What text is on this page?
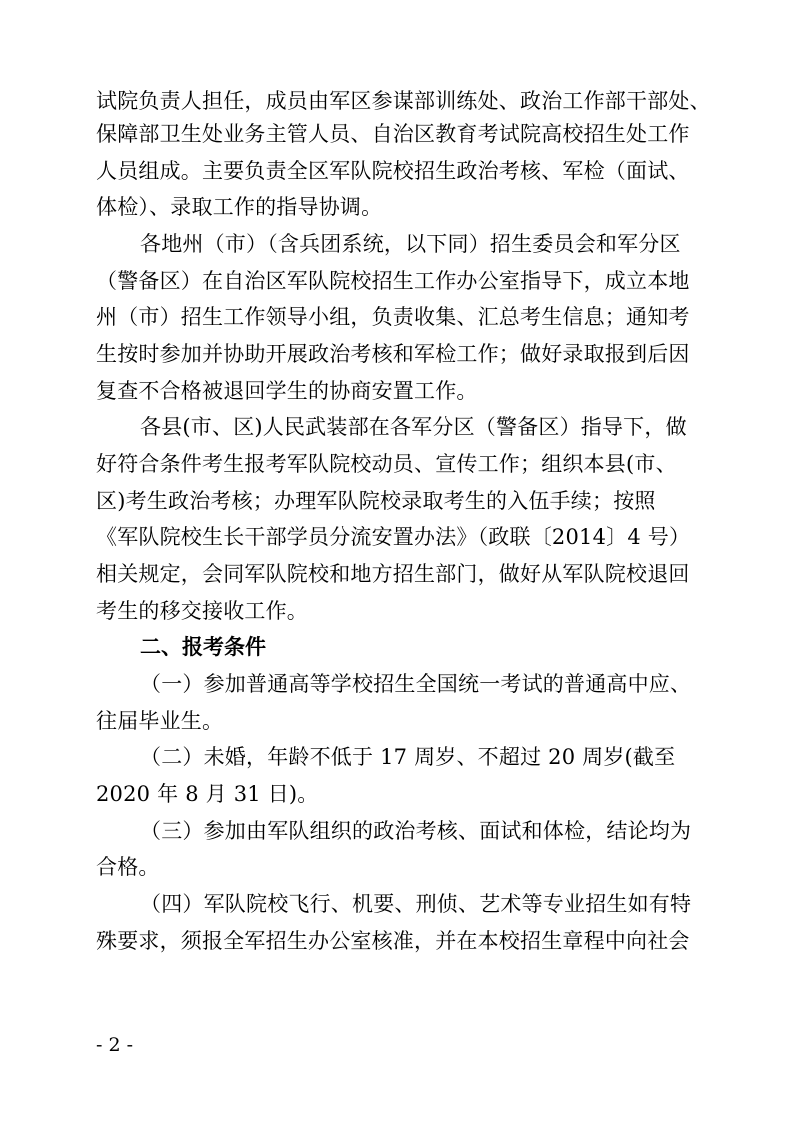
试院负责人担任，成员由军区参谋部训练处、政治工作部干部处、
保障部卫生处业务主管人员、自治区教育考试院高校招生处工作
人员组成。主要负责全区军队院校招生政治考核、军检（面试、
体检）、录取工作的指导协调。
各地州（市）（含兵团系统，以下同）招生委员会和军分区
（警备区）在自治区军队院校招生工作办公室指导下，成立本地
州（市）招生工作领导小组，负责收集、汇总考生信息；通知考
生按时参加并协助开展政治考核和军检工作；做好录取报到后因
复查不合格被退回学生的协商安置工作。
各县(市、区)人民武装部在各军分区（警备区）指导下，做
好符合条件考生报考军队院校动员、宣传工作；组织本县(市、
区)考生政治考核；办理军队院校录取考生的入伍手续；按照
《军队院校生长干部学员分流安置办法》（政联〔2014〕4 号）
相关规定，会同军队院校和地方招生部门，做好从军队院校退回
考生的移交接收工作。
二、报考条件
（一）参加普通高等学校招生全国统一考试的普通高中应、
往届毕业生。
（二）未婚，年龄不低于 17 周岁、不超过 20 周岁(截至
2020 年 8 月 31 日)。
（三）参加由军队组织的政治考核、面试和体检，结论均为
合格。
（四）军队院校飞行、机要、刑侦、艺术等专业招生如有特
殊要求，须报全军招生办公室核准，并在本校招生章程中向社会
- 2 -
